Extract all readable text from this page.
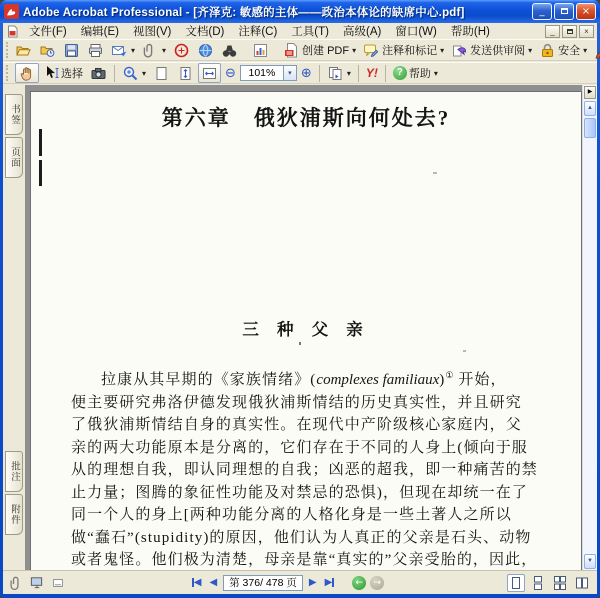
Adobe Acrobat Professional - [齐泽克: 敏感的主体——政治本体论的缺席中心.pdf]	_	×
文件(F)	编辑(E)	视图(V)	文档(D)	注释(C)	工具(T)	高级(A)	窗口(W)	帮助(H)	_	×
▾	▾	创建 PDF ▾ 注释和标记 ▾ 发送供审阅 ▾ 安全 ▾
选择	▾	⊖	101%	▾ ⊕	▾ Y!	? 帮助 ▾
书签
页面
批注
附件
第六章　俄狄浦斯向何处去?
三 种 父 亲
拉康从其早期的《家族情绪》(complexes familiaux)① 开始，
便主要研究弗洛伊德发现俄狄浦斯情结的历史真实性，并且研究
了俄狄浦斯情结自身的真实性。在现代中产阶级核心家庭内，父
亲的两大功能原本是分离的，它们存在于不同的人身上(倾向于服
从的理想自我，即认同理想的自我；凶恶的超我，即一种痛苦的禁
止力量；图腾的象征性功能及对禁忌的恐惧)，但现在却统一在了
同一个人的身上[两种功能分离的人格化身是一些土著人之所以
做“蠢石”(stupidity)的原因，他们认为人真正的父亲是石头、动物
或者鬼怪。他们极为清楚，母亲是靠“真实的”父亲受胎的，因此，
▶
▲
▼
◀ ◀	第 376/ 478 页	▶ ▶	←	→
